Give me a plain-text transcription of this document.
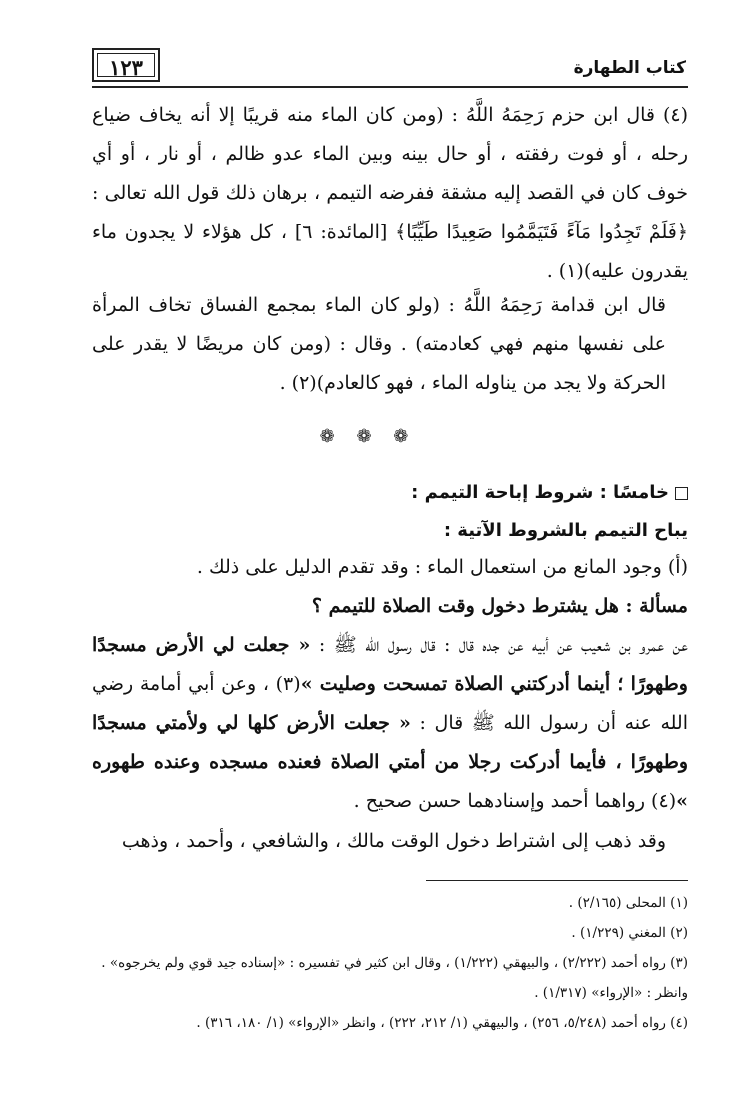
١٢٣	كتاب الطهارة

(٤) قال ابن حزم رَحِمَهُ اللَّهُ : (ومن كان الماء منه قريبًا إلا أنه يخاف ضياع رحله ، أو فوت رفقته ، أو حال بينه وبين الماء عدو ظالم ، أو نار ، أو أي خوف كان في القصد إليه مشقة ففرضه التيمم ، برهان ذلك قول الله تعالى : ﴿فَلَمْ تَجِدُوا مَآءً فَتَيَمَّمُوا صَعِيدًا طَيِّبًا﴾ [المائدة: ٦] ، كل هؤلاء لا يجدون ماء يقدرون عليه)(١) .

قال ابن قدامة رَحِمَهُ اللَّهُ : (ولو كان الماء بمجمع الفساق تخاف المرأة على نفسها منهم فهي كعادمته) . وقال : (ومن كان مريضًا لا يقدر على الحركة ولا يجد من يناوله الماء ، فهو كالعادم)(٢) .

❁ ❁ ❁

خامسًا : شروط إباحة التيمم :

يباح التيمم بالشروط الآتية :

(أ) وجود المانع من استعمال الماء : وقد تقدم الدليل على ذلك .

مسألة : هل يشترط دخول وقت الصلاة للتيمم ؟

عن عمرو بن شعيب عن أبيه عن جده قال : قال رسول الله ﷺ : « جعلت لي الأرض مسجدًا وطهورًا ؛ أينما أدركتني الصلاة تمسحت وصليت »(٣) ، وعن أبي أمامة رضي الله عنه أن رسول الله ﷺ قال : « جعلت الأرض كلها لي ولأمتي مسجدًا وطهورًا ، فأيما أدركت رجلا من أمتي الصلاة فعنده مسجده وعنده طهوره »(٤) رواهما أحمد وإسنادهما حسن صحيح .

وقد ذهب إلى اشتراط دخول الوقت مالك ، والشافعي ، وأحمد ، وذهب

(١) المحلى (٢/١٦٥) .

(٢) المغني (١/٢٢٩) .

(٣) رواه أحمد (٢/٢٢٢) ، والبيهقي (١/٢٢٢) ، وقال ابن كثير في تفسيره : «إسناده جيد قوي ولم يخرجوه» . وانظر : «الإرواء» (١/٣١٧) .

(٤) رواه أحمد (٥/٢٤٨، ٢٥٦) ، والبيهقي (١/ ٢١٢، ٢٢٢) ، وانظر «الإرواء» (١/ ١٨٠، ٣١٦) .
